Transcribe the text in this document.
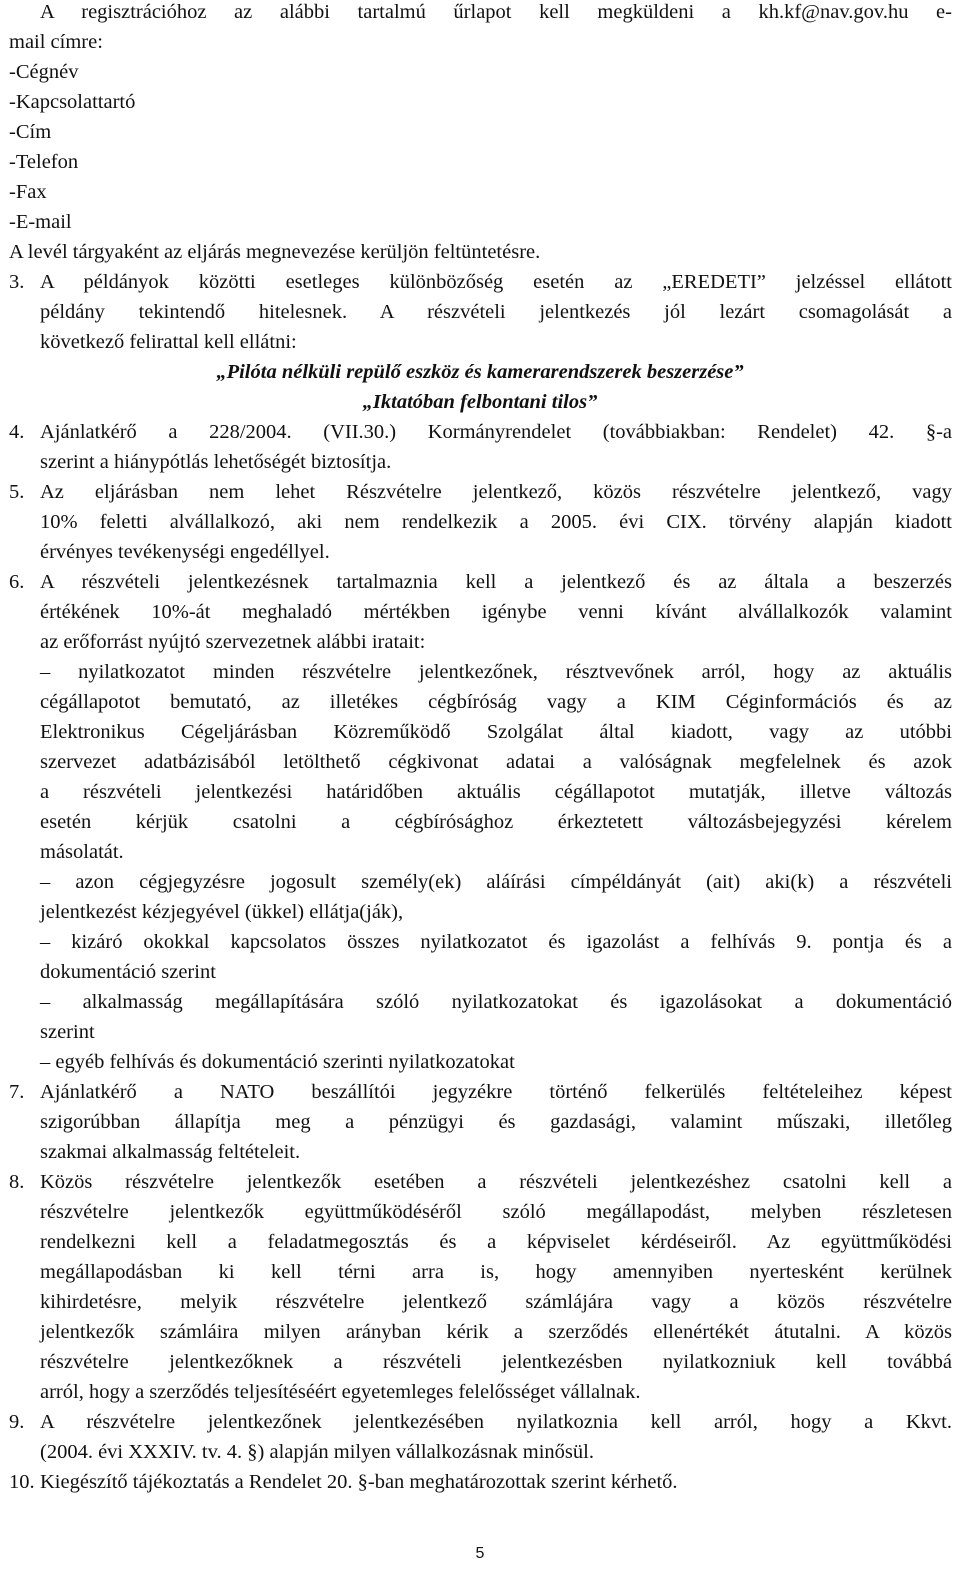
A regisztrációhoz az alábbi tartalmú űrlapot kell megküldeni a kh.kf@nav.gov.hu e-
mail címre:
-Cégnév
-Kapcsolattartó
-Cím
-Telefon
-Fax
-E-mail
A levél tárgyaként az eljárás megnevezése kerüljön feltüntetésre.
3. A példányok közötti esetleges különbözőség esetén az „EREDETI” jelzéssel ellátott
példány tekintendő hitelesnek. A részvételi jelentkezés jól lezárt csomagolását a
következő felirattal kell ellátni:
„Pilóta nélküli repülő eszköz és kamerarendszerek beszerzése”
„Iktatóban felbontani tilos”
4. Ajánlatkérő a 228/2004. (VII.30.) Kormányrendelet (továbbiakban: Rendelet) 42. §-a
szerint a hiánypótlás lehetőségét biztosítja.
5. Az eljárásban nem lehet Részvételre jelentkező, közös részvételre jelentkező, vagy
10% feletti alvállalkozó, aki nem rendelkezik a 2005. évi CIX. törvény alapján kiadott
érvényes tevékenységi engedéllyel.
6. A részvételi jelentkezésnek tartalmaznia kell a jelentkező és az általa a beszerzés
értékének 10%-át meghaladó mértékben igénybe venni kívánt alvállalkozók valamint
az erőforrást nyújtó szervezetnek alábbi iratait:
– nyilatkozatot minden részvételre jelentkezőnek, résztvevőnek arról, hogy az aktuális
cégállapotot bemutató, az illetékes cégbíróság vagy a KIM Céginformációs és az
Elektronikus Cégeljárásban Közreműködő Szolgálat által kiadott, vagy az utóbbi
szervezet adatbázisából letölthető cégkivonat adatai a valóságnak megfelelnek és azok
a részvételi jelentkezési határidőben aktuális cégállapotot mutatják, illetve változás
esetén kérjük csatolni a cégbírósághoz érkeztetett változásbejegyzési kérelem
másolatát.
– azon cégjegyzésre jogosult személy(ek) aláírási címpéldányát (ait) aki(k) a részvételi
jelentkezést kézjegyével (ükkel) ellátja(ják),
– kizáró okokkal kapcsolatos összes nyilatkozatot és igazolást a felhívás 9. pontja és a
dokumentáció szerint
– alkalmasság megállapítására szóló nyilatkozatokat és igazolásokat a dokumentáció
szerint
– egyéb felhívás és dokumentáció szerinti nyilatkozatokat
7. Ajánlatkérő a NATO beszállítói jegyzékre történő felkerülés feltételeihez képest
szigorúbban állapítja meg a pénzügyi és gazdasági, valamint műszaki, illetőleg
szakmai alkalmasság feltételeit.
8. Közös részvételre jelentkezők esetében a részvételi jelentkezéshez csatolni kell a
részvételre jelentkezők együttműködéséről szóló megállapodást, melyben részletesen
rendelkezni kell a feladatmegosztás és a képviselet kérdéseiről. Az együttműködési
megállapodásban ki kell térni arra is, hogy amennyiben nyertesként kerülnek
kihirdetésre, melyik részvételre jelentkező számlájára vagy a közös részvételre
jelentkezők számláira milyen arányban kérik a szerződés ellenértékét átutalni. A közös
részvételre jelentkezőknek a részvételi jelentkezésben nyilatkozniuk kell továbbá
arról, hogy a szerződés teljesítéséért egyetemleges felelősséget vállalnak.
9. A részvételre jelentkezőnek jelentkezésében nyilatkoznia kell arról, hogy a Kkvt.
(2004. évi XXXIV. tv. 4. §) alapján milyen vállalkozásnak minősül.
10. Kiegészítő tájékoztatás a Rendelet 20. §-ban meghatározottak szerint kérhető.
5
